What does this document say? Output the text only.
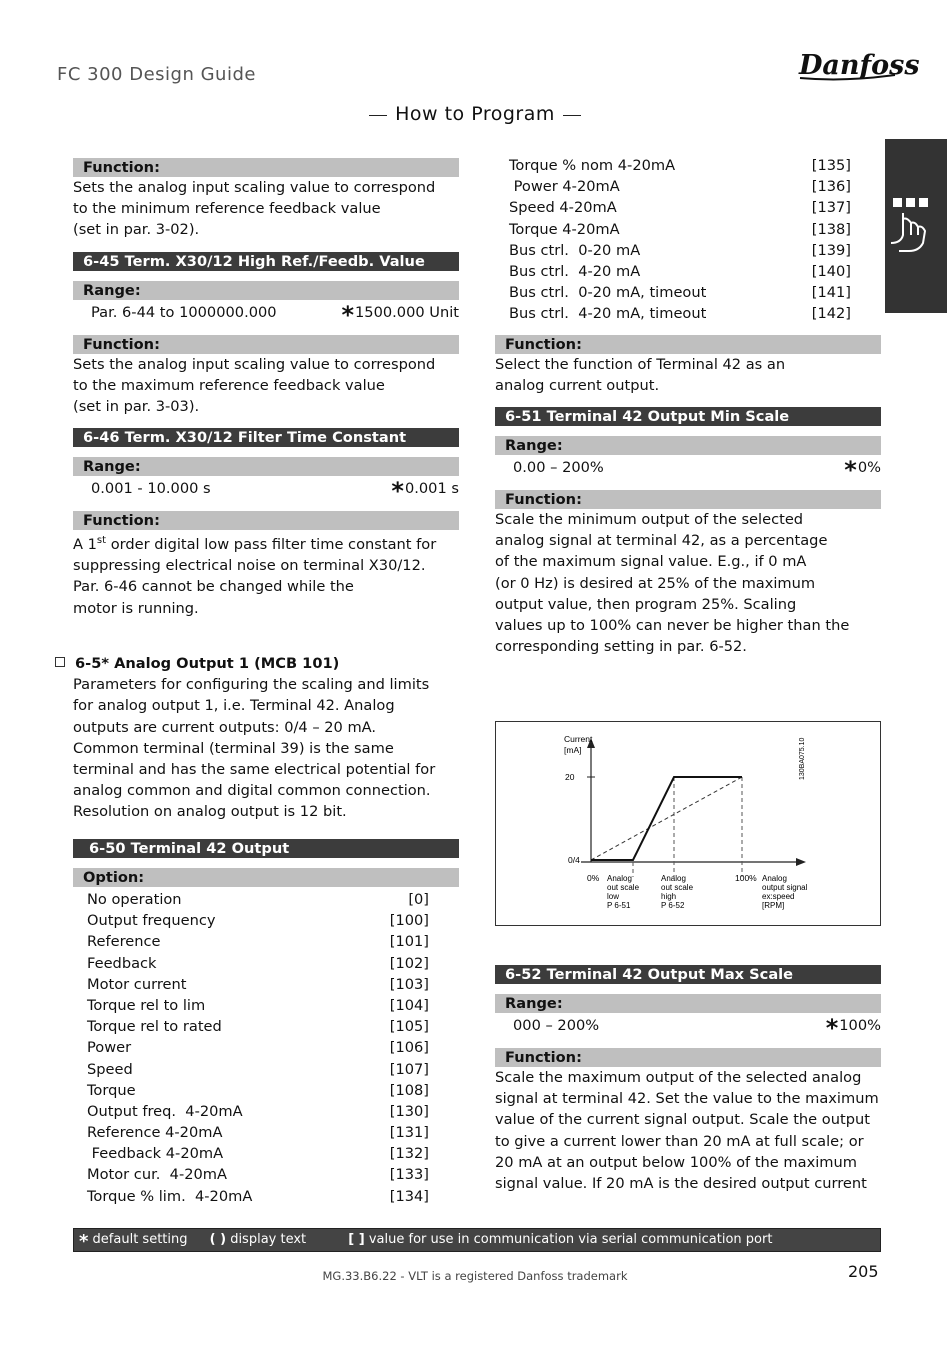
FC 300 Design Guide	Danfoss
How to Program
Function:

Sets the analog input scaling value to correspond
to the minimum reference feedback value
(set in par. 3-02).

6-45 Term. X30/12 High Ref./Feedb. Value
Range:
Par. 6-44 to 1000000.000	*1500.000 Unit
Function:

Sets the analog input scaling value to correspond
to the maximum reference feedback value
(set in par. 3-03).

6-46 Term. X30/12 Filter Time Constant
Range:
0.001 - 10.000 s	*0.001 s
Function:

A 1st order digital low pass filter time constant for
suppressing electrical noise on terminal X30/12.
Par. 6-46 cannot be changed while the
motor is running.

6-5* Analog Output 1 (MCB 101)

Parameters for configuring the scaling and limits
for analog output 1, i.e. Terminal 42. Analog
outputs are current outputs: 0/4 – 20 mA.
Common terminal (terminal 39) is the same
terminal and has the same electrical potential for
analog common and digital common connection.
Resolution on analog output is 12 bit.

6-50 Terminal 42 Output
Option:
No operation	[0]
Output frequency	[100]
Reference	[101]
Feedback	[102]
Motor current	[103]
Torque rel to lim	[104]
Torque rel to rated	[105]
Power	[106]
Speed	[107]
Torque	[108]
Output freq.  4-20mA	[130]
Reference 4-20mA	[131]
Feedback 4-20mA	[132]
Motor cur.  4-20mA	[133]
Torque % lim.  4-20mA	[134]
Torque % nom 4-20mA	[135]
Power 4-20mA	[136]
Speed 4-20mA	[137]
Torque 4-20mA	[138]
Bus ctrl.  0-20 mA	[139]
Bus ctrl.  4-20 mA	[140]
Bus ctrl.  0-20 mA, timeout	[141]
Bus ctrl.  4-20 mA, timeout	[142]
Function:

Select the function of Terminal 42 as an
analog current output.

6-51 Terminal 42 Output Min Scale
Range:
0.00 – 200%	*0%
Function:

Scale the minimum output of the selected
analog signal at terminal 42, as a percentage
of the maximum signal value. E.g., if 0 mA
(or 0 Hz) is desired at 25% of the maximum
output value, then program 25%. Scaling
values up to 100% can never be higher than the
corresponding setting in par. 6-52.

Current
[mA]
20
0/4
0%	100%
Analog
out scale
low
P 6-51
Analog
out scale
high
P 6-52
Analog
output signal
ex:speed
[RPM]
130BA075.10
6-52 Terminal 42 Output Max Scale
Range:
000 – 200%	*100%
Function:

Scale the maximum output of the selected analog
signal at terminal 42. Set the value to the maximum
value of the current signal output. Scale the output
to give a current lower than 20 mA at full scale; or
20 mA at an output below 100% of the maximum
signal value. If 20 mA is the desired output current

* default setting ( ) display text	[ ] value for use in communication via serial communication port
MG.33.B6.22 - VLT is a registered Danfoss trademark	205
